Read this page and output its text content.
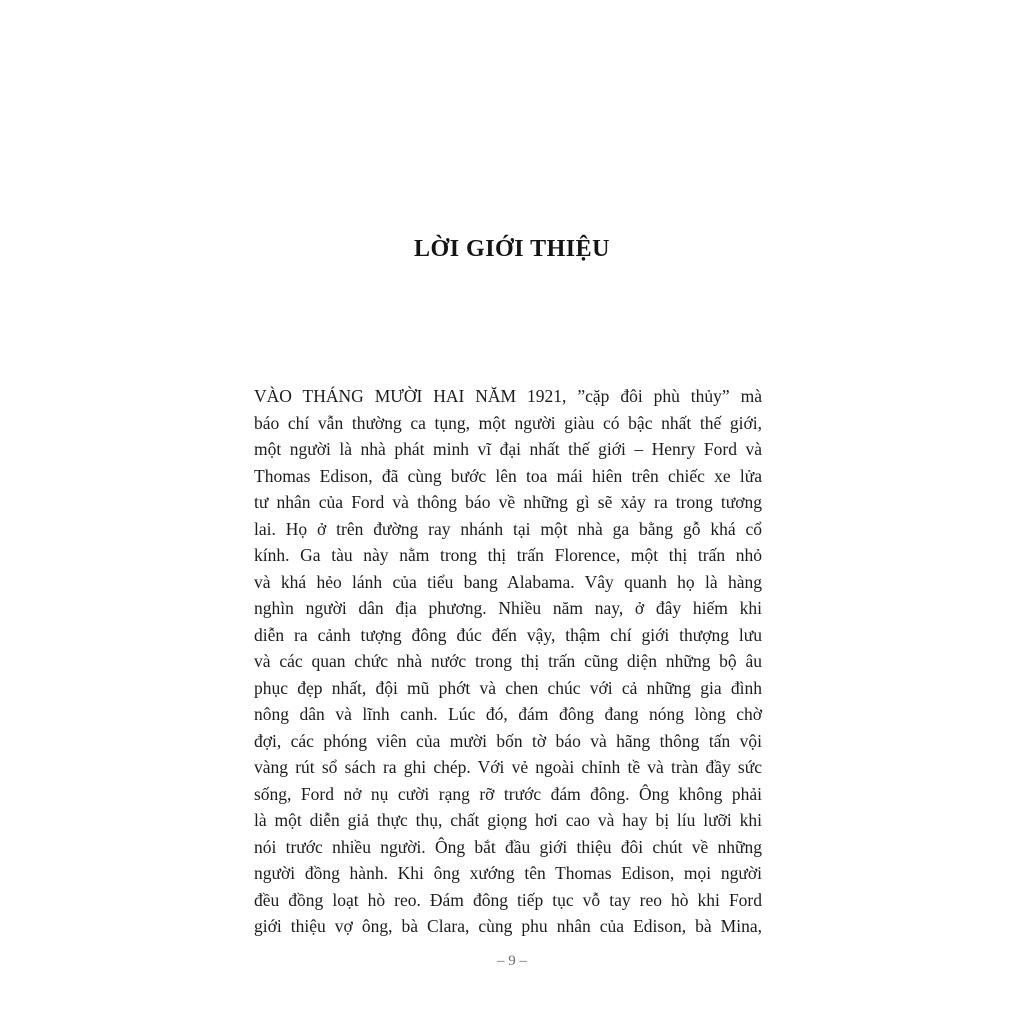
LỜI GIỚI THIỆU
VÀO THÁNG MƯỜI HAI NĂM 1921, ”cặp đôi phù thủy” mà
báo chí vẫn thường ca tụng, một người giàu có bậc nhất thế giới,
một người là nhà phát minh vĩ đại nhất thế giới – Henry Ford và
Thomas Edison, đã cùng bước lên toa mái hiên trên chiếc xe lửa
tư nhân của Ford và thông báo về những gì sẽ xảy ra trong tương
lai. Họ ở trên đường ray nhánh tại một nhà ga bằng gỗ khá cổ
kính. Ga tàu này nằm trong thị trấn Florence, một thị trấn nhỏ
và khá hẻo lánh của tiểu bang Alabama. Vây quanh họ là hàng
nghìn người dân địa phương. Nhiều năm nay, ở đây hiếm khi
diễn ra cảnh tượng đông đúc đến vậy, thậm chí giới thượng lưu
và các quan chức nhà nước trong thị trấn cũng diện những bộ âu
phục đẹp nhất, đội mũ phớt và chen chúc với cả những gia đình
nông dân và lĩnh canh. Lúc đó, đám đông đang nóng lòng chờ
đợi, các phóng viên của mười bốn tờ báo và hãng thông tấn vội
vàng rút sổ sách ra ghi chép. Với vẻ ngoài chỉnh tề và tràn đầy sức
sống, Ford nở nụ cười rạng rỡ trước đám đông. Ông không phải
là một diễn giả thực thụ, chất giọng hơi cao và hay bị líu lưỡi khi
nói trước nhiều người. Ông bắt đầu giới thiệu đôi chút về những
người đồng hành. Khi ông xướng tên Thomas Edison, mọi người
đều đồng loạt hò reo. Đám đông tiếp tục vỗ tay reo hò khi Ford
giới thiệu vợ ông, bà Clara, cùng phu nhân của Edison, bà Mina,
– 9 –
